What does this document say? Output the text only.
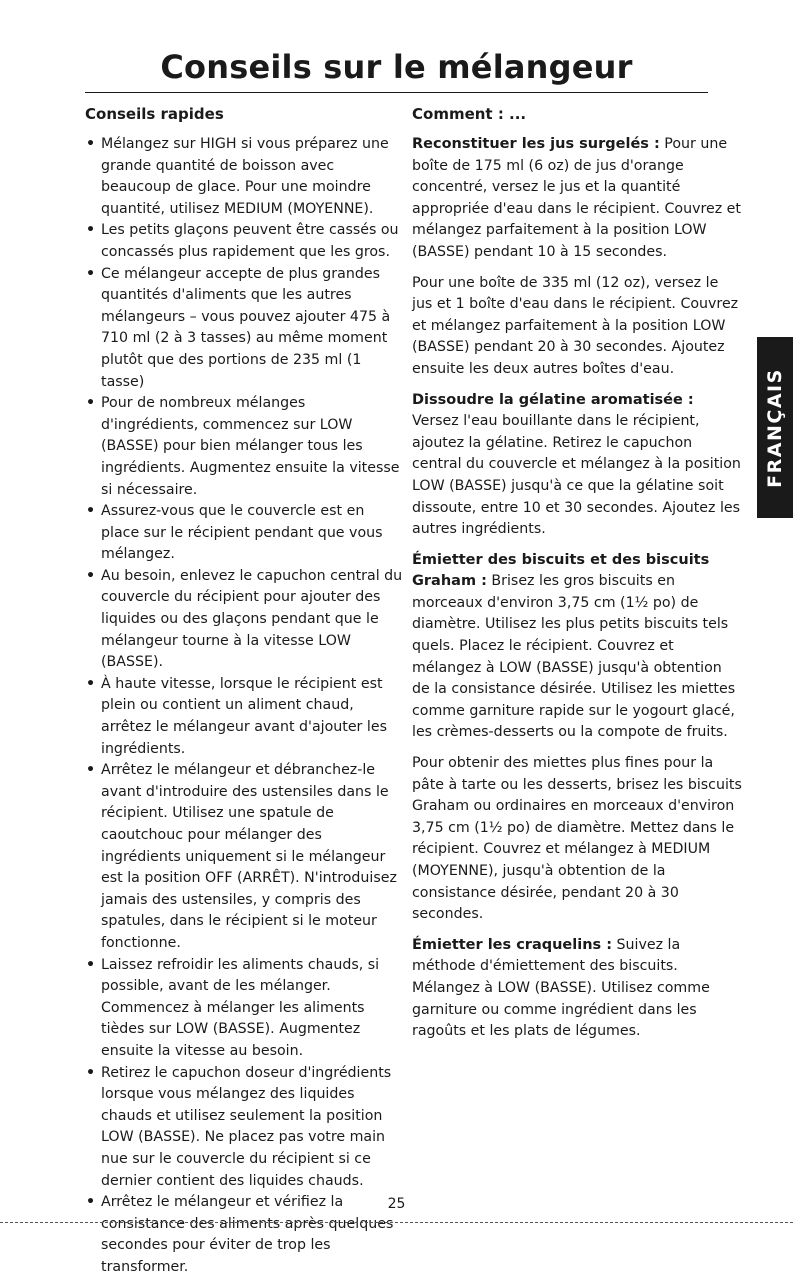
Conseils sur le mélangeur
Conseils rapides
• Mélangez sur HIGH si vous préparez une grande quantité de boisson avec beaucoup de glace. Pour une moindre quantité, utilisez MEDIUM (MOYENNE).
• Les petits glaçons peuvent être cassés ou concassés plus rapidement que les gros.
• Ce mélangeur accepte de plus grandes quantités d'aliments que les autres mélangeurs – vous pouvez ajouter 475 à 710 ml (2 à 3 tasses) au même moment plutôt que des portions de 235 ml (1 tasse)
• Pour de nombreux mélanges d'ingrédients, commencez sur LOW (BASSE) pour bien mélanger tous les ingrédients. Augmentez ensuite la vitesse si nécessaire.
• Assurez-vous que le couvercle est en place sur le récipient pendant que vous mélangez.
• Au besoin, enlevez le capuchon central du couvercle du récipient pour ajouter des liquides ou des glaçons pendant que le mélangeur tourne à la vitesse LOW (BASSE).
• À haute vitesse, lorsque le récipient est plein ou contient un aliment chaud, arrêtez le mélangeur avant d'ajouter les ingrédients.
• Arrêtez le mélangeur et débranchez-le avant d'introduire des ustensiles dans le récipient. Utilisez une spatule de caoutchouc pour mélanger des ingrédients uniquement si le mélangeur est la position OFF (ARRÊT). N'introduisez jamais des ustensiles, y compris des spatules, dans le récipient si le moteur fonctionne.
• Laissez refroidir les aliments chauds, si possible, avant de les mélanger. Commencez à mélanger les aliments tièdes sur LOW (BASSE). Augmentez ensuite la vitesse au besoin.
• Retirez le capuchon doseur d'ingrédients lorsque vous mélangez des liquides chauds et utilisez seulement la position LOW (BASSE). Ne placez pas votre main nue sur le couvercle du récipient si ce dernier contient des liquides chauds.
• Arrêtez le mélangeur et vérifiez la consistance des aliments après quelques secondes pour éviter de trop les transformer.
Comment : ...

Reconstituer les jus surgelés : Pour une boîte de 175 ml (6 oz) de jus d'orange concentré, versez le jus et la quantité appropriée d'eau dans le récipient. Couvrez et mélangez parfaitement à la position LOW (BASSE) pendant 10 à 15 secondes.

Pour une boîte de 335 ml (12 oz), versez le jus et 1 boîte d'eau dans le récipient. Couvrez et mélangez parfaitement à la position LOW (BASSE) pendant 20 à 30 secondes. Ajoutez ensuite les deux autres boîtes d'eau.

Dissoudre la gélatine aromatisée : Versez l'eau bouillante dans le récipient, ajoutez la gélatine. Retirez le capuchon central du couvercle et mélangez à la position LOW (BASSE) jusqu'à ce que la gélatine soit dissoute, entre 10 et 30 secondes. Ajoutez les autres ingrédients.

Émietter des biscuits et des biscuits Graham : Brisez les gros biscuits en morceaux d'environ 3,75 cm (1½ po) de diamètre. Utilisez les plus petits biscuits tels quels. Placez le récipient. Couvrez et mélangez à LOW (BASSE) jusqu'à obtention de la consistance désirée. Utilisez les miettes comme garniture rapide sur le yogourt glacé, les crèmes-desserts ou la compote de fruits.

Pour obtenir des miettes plus fines pour la pâte à tarte ou les desserts, brisez les biscuits Graham ou ordinaires en morceaux d'environ 3,75 cm (1½ po) de diamètre. Mettez dans le récipient. Couvrez et mélangez à MEDIUM (MOYENNE), jusqu'à obtention de la consistance désirée, pendant 20 à 30 secondes.

Émietter les craquelins : Suivez la méthode d'émiettement des biscuits. Mélangez à LOW (BASSE). Utilisez comme garniture ou comme ingrédient dans les ragoûts et les plats de légumes.

FRANÇAIS
25
